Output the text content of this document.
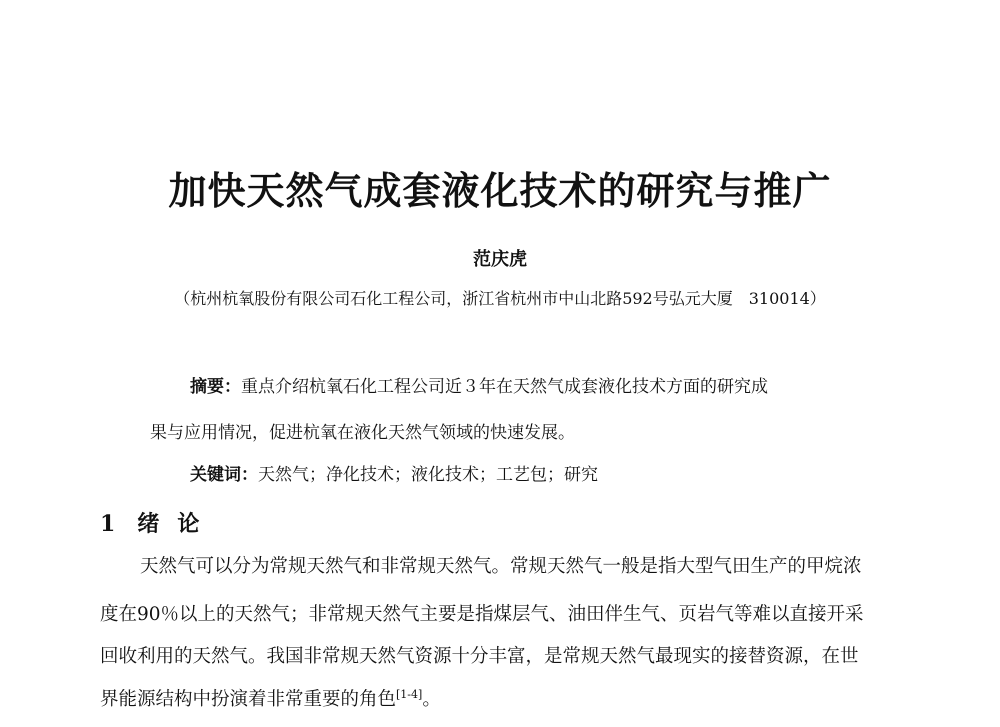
加快天然气成套液化技术的研究与推广
范庆虎
（杭州杭氧股份有限公司石化工程公司，浙江省杭州市中山北路592号弘元大厦　310014）
摘要：重点介绍杭氧石化工程公司近３年在天然气成套液化技术方面的研究成
果与应用情况，促进杭氧在液化天然气领域的快速发展。
关键词：天然气；净化技术；液化技术；工艺包；研究
1 绪 论
天然气可以分为常规天然气和非常规天然气。常规天然气一般是指大型气田生产的甲烷浓
度在90％以上的天然气；非常规天然气主要是指煤层气、油田伴生气、页岩气等难以直接开采
回收利用的天然气。我国非常规天然气资源十分丰富，是常规天然气最现实的接替资源，在世
界能源结构中扮演着非常重要的角色[1-4]。
